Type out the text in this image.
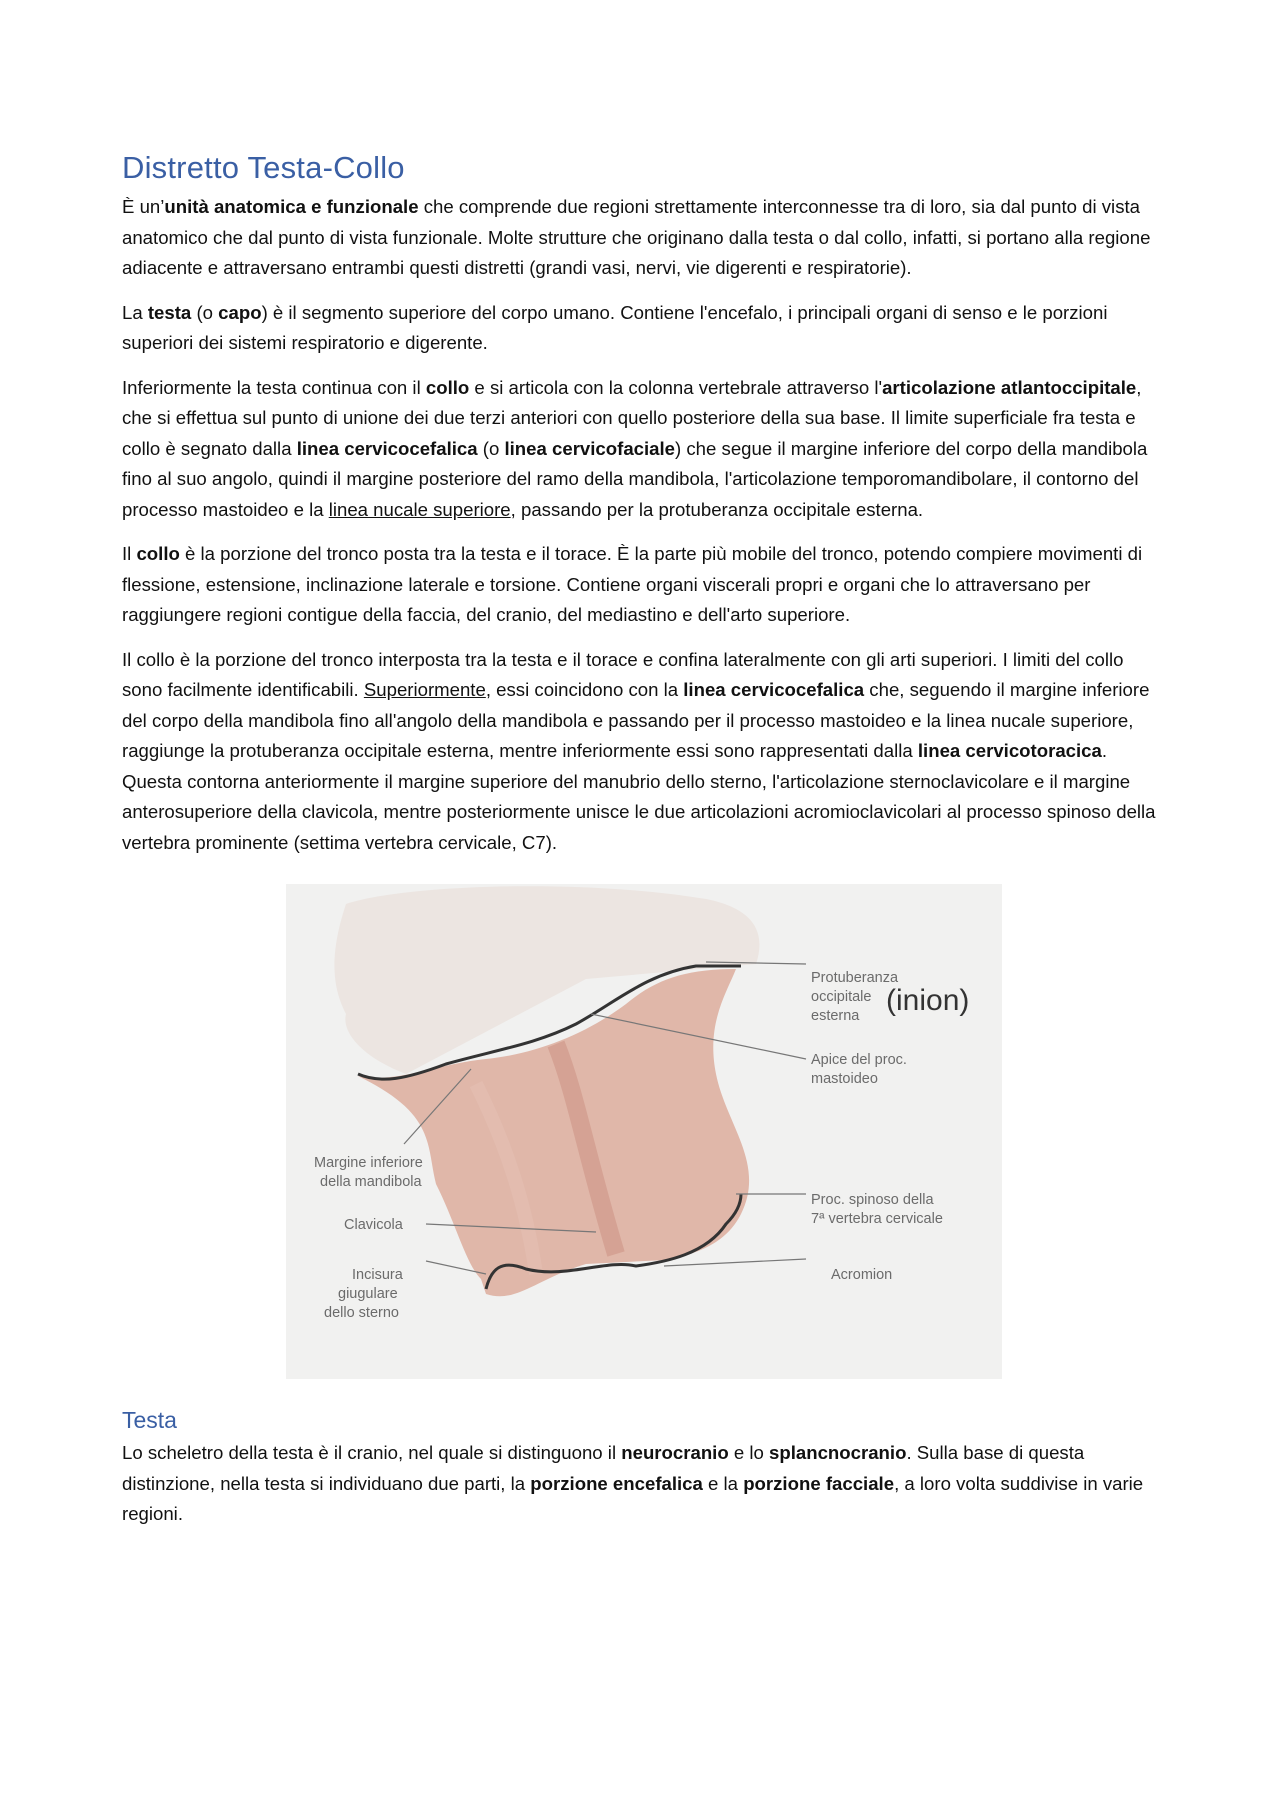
Distretto Testa-Collo

È un’unità anatomica e funzionale che comprende due regioni strettamente interconnesse tra di loro, sia dal punto di vista anatomico che dal punto di vista funzionale. Molte strutture che originano dalla testa o dal collo, infatti, si portano alla regione adiacente e attraversano entrambi questi distretti (grandi vasi, nervi, vie digerenti e respiratorie).

La testa (o capo) è il segmento superiore del corpo umano. Contiene l'encefalo, i principali organi di senso e le porzioni superiori dei sistemi respiratorio e digerente.

Inferiormente la testa continua con il collo e si articola con la colonna vertebrale attraverso l'articolazione atlantoccipitale, che si effettua sul punto di unione dei due terzi anteriori con quello posteriore della sua base. Il limite superficiale fra testa e collo è segnato dalla linea cervicocefalica (o linea cervicofaciale) che segue il margine inferiore del corpo della mandibola fino al suo angolo, quindi il margine posteriore del ramo della mandibola, l'articolazione temporomandibolare, il contorno del processo mastoideo e la linea nucale superiore, passando per la protuberanza occipitale esterna.

Il collo è la porzione del tronco posta tra la testa e il torace. È la parte più mobile del tronco, potendo compiere movimenti di flessione, estensione, inclinazione laterale e torsione. Contiene organi viscerali propri e organi che lo attraversano per raggiungere regioni contigue della faccia, del cranio, del mediastino e dell'arto superiore.

Il collo è la porzione del tronco interposta tra la testa e il torace e confina lateralmente con gli arti superiori. I limiti del collo sono facilmente identificabili. Superiormente, essi coincidono con la linea cervicocefalica che, seguendo il margine inferiore del corpo della mandibola fino all'angolo della mandibola e passando per il processo mastoideo e la linea nucale superiore, raggiunge la protuberanza occipitale esterna, mentre inferiormente essi sono rappresentati dalla linea cervicotoracica. Questa contorna anteriormente il margine superiore del manubrio dello sterno, l'articolazione sternoclavicolare e il margine anterosuperiore della clavicola, mentre posteriormente unisce le due articolazioni acromioclavicolari al processo spinoso della vertebra prominente (settima vertebra cervicale, C7).

Protuberanza
occipitale
esterna (inion)
Apice del proc.
mastoideo
Margine inferiore
della mandibola
Proc. spinoso della
7ª vertebra cervicale
Clavicola
Acromion
Incisura
giugulare
dello sterno
Testa

Lo scheletro della testa è il cranio, nel quale si distinguono il neurocranio e lo splancnocranio. Sulla base di questa distinzione, nella testa si individuano due parti, la porzione encefalica e la porzione facciale, a loro volta suddivise in varie regioni.
